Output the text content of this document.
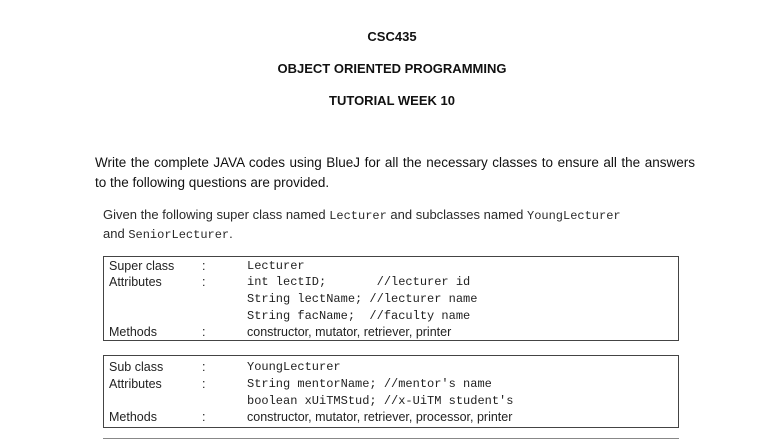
CSC435
OBJECT ORIENTED PROGRAMMING
TUTORIAL WEEK 10
Write the complete JAVA codes using BlueJ for all the necessary classes to ensure all the answers to the following questions are provided.
Given the following super class named Lecturer and subclasses named YoungLecturer
and SeniorLecturer.
Super class :	Lecturer
Attributes	:	int lectID;       //lecturer id
String lectName; //lecturer name
String facName;  //faculty name
Methods	:	constructor, mutator, retriever, printer
Sub class	:	YoungLecturer
Attributes	:	String mentorName; //mentor's name
boolean xUiTMStud; //x-UiTM student's
Methods	:	constructor, mutator, retriever, processor, printer
